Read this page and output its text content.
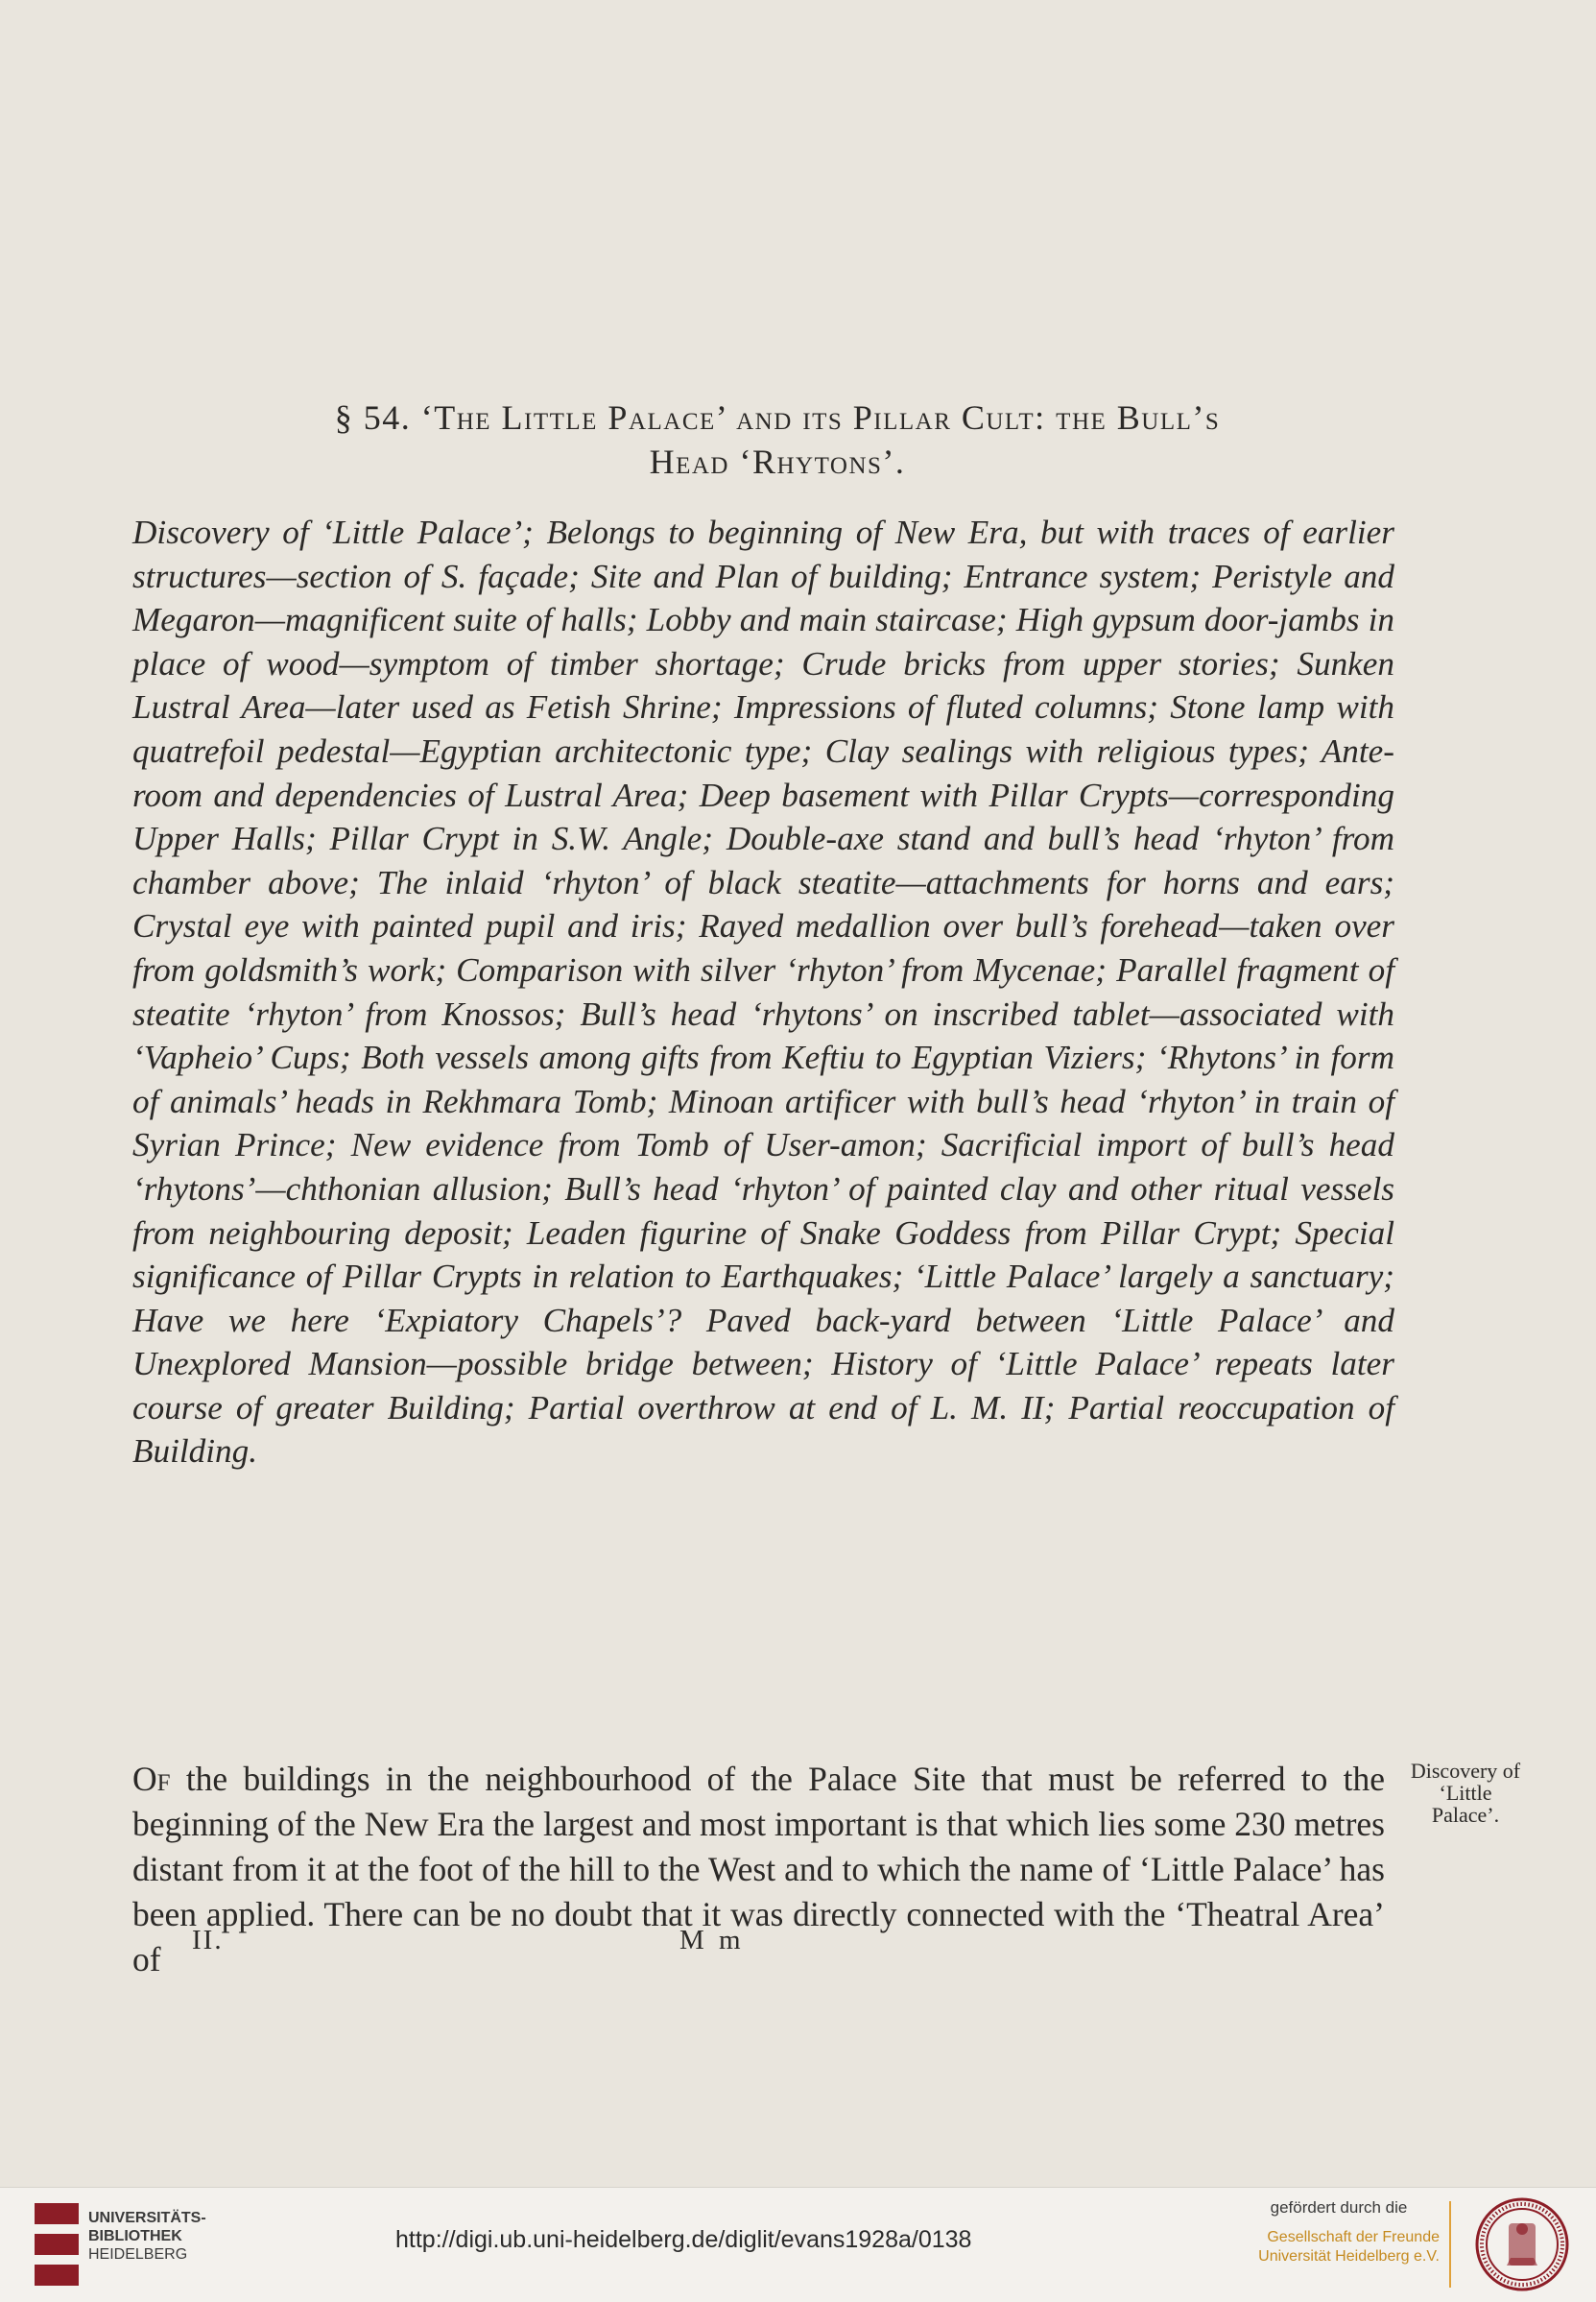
§ 54. ‘The Little Palace’ and its Pillar Cult: the Bull’s
Head ‘Rhytons’.
Discovery of ‘Little Palace’; Belongs to beginning of New Era, but with traces of earlier structures—section of S. façade; Site and Plan of building; Entrance system; Peristyle and Megaron—magnificent suite of halls; Lobby and main staircase; High gypsum door-jambs in place of wood—symptom of timber shortage; Crude bricks from upper stories; Sunken Lustral Area—later used as Fetish Shrine; Impressions of fluted columns; Stone lamp with quatrefoil pedestal—Egyptian architectonic type; Clay sealings with religious types; Ante-room and dependencies of Lustral Area; Deep basement with Pillar Crypts—corresponding Upper Halls; Pillar Crypt in S.W. Angle; Double-axe stand and bull’s head ‘rhyton’ from chamber above; The inlaid ‘rhyton’ of black steatite—attachments for horns and ears; Crystal eye with painted pupil and iris; Rayed medallion over bull’s forehead—taken over from goldsmith’s work; Comparison with silver ‘rhyton’ from Mycenae; Parallel fragment of steatite ‘rhyton’ from Knossos; Bull’s head ‘rhytons’ on inscribed tablet—associated with ‘Vapheio’ Cups; Both vessels among gifts from Keftiu to Egyptian Viziers; ‘Rhytons’ in form of animals’ heads in Rekhmara Tomb; Minoan artificer with bull’s head ‘rhyton’ in train of Syrian Prince; New evidence from Tomb of User-amon; Sacrificial import of bull’s head ‘rhytons’—chthonian allusion; Bull’s head ‘rhyton’ of painted clay and other ritual vessels from neighbouring deposit; Leaden figurine of Snake Goddess from Pillar Crypt; Special significance of Pillar Crypts in relation to Earthquakes; ‘Little Palace’ largely a sanctuary; Have we here ‘Expiatory Chapels’? Paved back-yard between ‘Little Palace’ and Unexplored Mansion—possible bridge between; History of ‘Little Palace’ repeats later course of greater Building; Partial overthrow at end of L. M. II; Partial reoccupation of Building.
Of the buildings in the neighbourhood of the Palace Site that must be referred to the beginning of the New Era the largest and most important is that which lies some 230 metres distant from it at the foot of the hill to the West and to which the name of ‘Little Palace’ has been applied. There can be no doubt that it was directly connected with the ‘Theatral Area’ of
Discovery of ‘Little Palace’.
II.	M m
UNIVERSITÄTS-
BIBLIOTHEK
HEIDELBERG
http://digi.ub.uni-heidelberg.de/diglit/evans1928a/0138
gefördert durch die
Gesellschaft der Freunde
Universität Heidelberg e.V.
